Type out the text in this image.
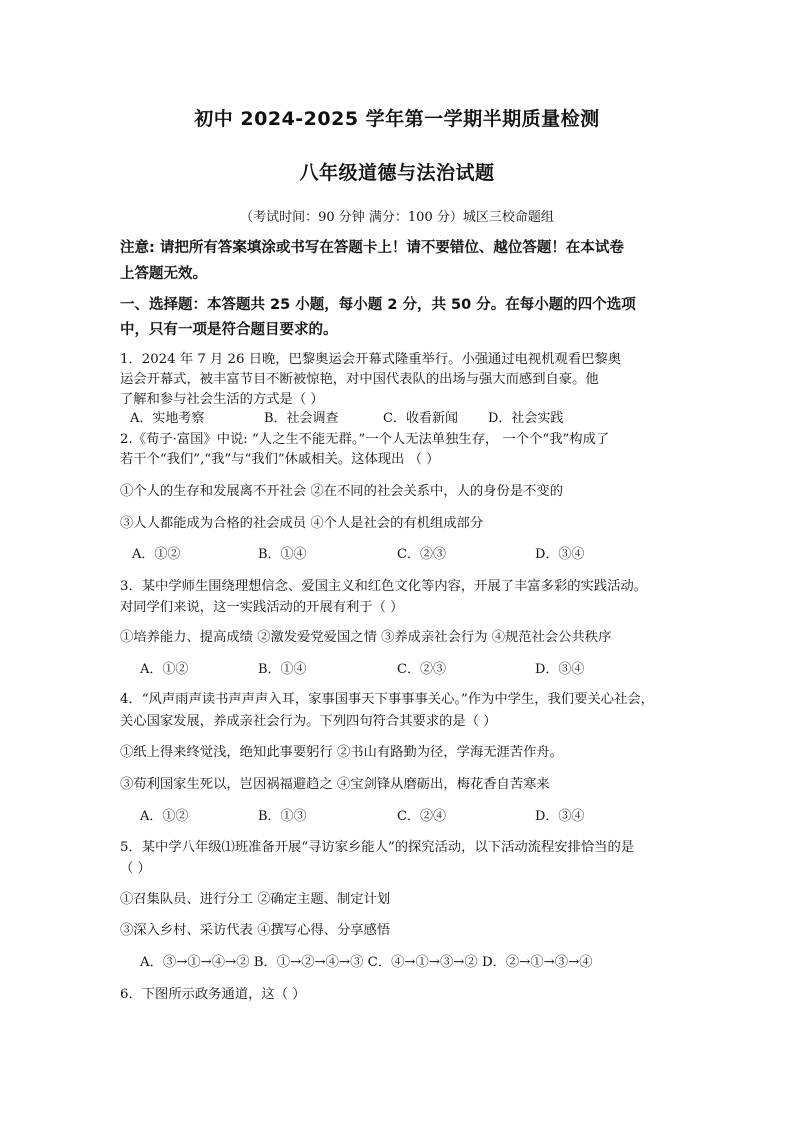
初中 2024-2025 学年第一学期半期质量检测
八年级道德与法治试题
（考试时间：90 分钟 满分：100 分）城区三校命题组
注意: 请把所有答案填涂或书写在答题卡上！请不要错位、越位答题！在本试卷
上答题无效。
一、选择题：本答题共 25 小题，每小题 2 分，共 50 分。在每小题的四个选项
中，只有一项是符合题目要求的。
1．2024 年 7 月 26 日晚，巴黎奥运会开幕式隆重举行。小强通过电视机观看巴黎奥
运会开幕式，被丰富节目不断被惊艳，对中国代表队的出场与强大而感到自豪。他
了解和参与社会生活的方式是（ ）
A．实地考察	B．社会调查	C．收看新闻 D．社会实践
2.《荀子·富国》中说: “人之生不能无群。”一个人无法单独生存， 一个个“我”构成了
若干个“我们”,“我”与“我们”休戚相关。这体现出 （ ）
①个人的生存和发展离不开社会 ②在不同的社会关系中，人的身份是不变的
③人人都能成为合格的社会成员 ④个人是社会的有机组成部分
A．①②	B．①④	C．②③	D．③④
3．某中学师生围绕理想信念、爱国主义和红色文化等内容，开展了丰富多彩的实践活动。
对同学们来说，这一实践活动的开展有利于（ ）
①培养能力、提高成绩 ②激发爱党爱国之情 ③养成亲社会行为 ④规范社会公共秩序
A．①②	B．①④	C．②③	D．③④
4．“风声雨声读书声声声入耳，家事国事天下事事事关心。”作为中学生，我们要关心社会，
关心国家发展，养成亲社会行为。下列四句符合其要求的是（ ）
①纸上得来终觉浅，绝知此事要躬行 ②书山有路勤为径，学海无涯苦作舟。
③苟利国家生死以，岂因祸福避趋之 ④宝剑锋从磨砺出，梅花香自苦寒来
A．①②	B．①③	C．②④	D．③④
5．某中学八年级⑴班准备开展“寻访家乡能人”的探究活动，以下活动流程安排恰当的是
（ ）
①召集队员、进行分工 ②确定主题、制定计划
③深入乡村、采访代表 ④撰写心得、分享感悟
A．③→①→④→② B．①→②→④→③ C．④→①→③→② D．②→①→③→④
6．下图所示政务通道，这（ ）
